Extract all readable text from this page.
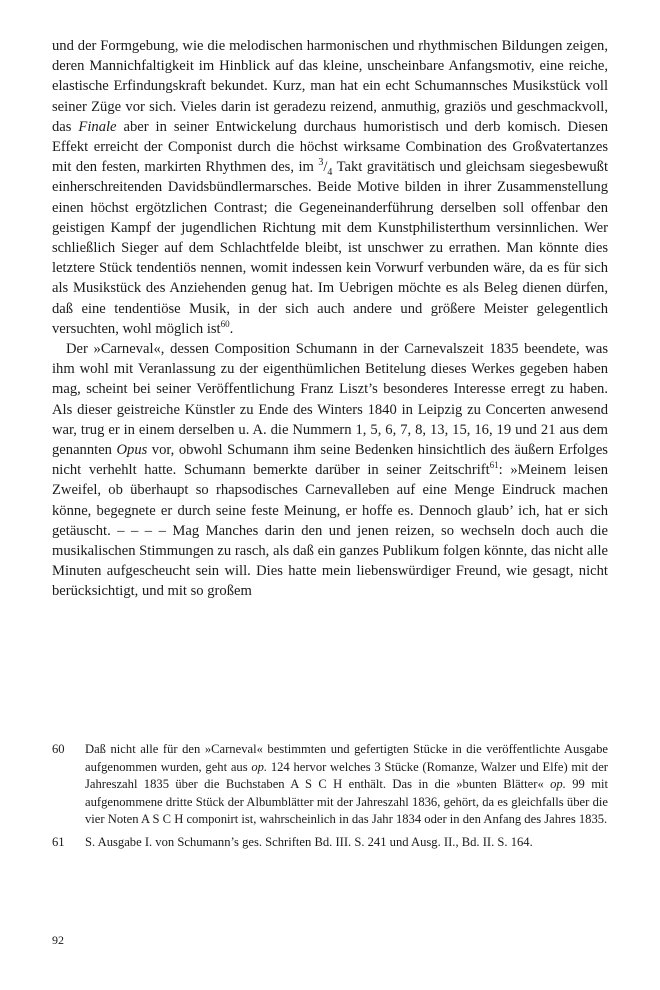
und der Formgebung, wie die melodischen harmonischen und rhythmischen Bildungen zeigen, deren Mannichfaltigkeit im Hinblick auf das kleine, unscheinbare Anfangsmotiv, eine reiche, elastische Erfindungskraft bekundet. Kurz, man hat ein echt Schumannsches Musikstück voll seiner Züge vor sich. Vieles darin ist geradezu reizend, anmuthig, graziös und geschmackvoll, das Finale aber in seiner Entwickelung durchaus humoristisch und derb komisch. Diesen Effekt erreicht der Componist durch die höchst wirksame Combination des Großvatertanzes mit den festen, markirten Rhythmen des, im $^3/_4$ Takt gravitätisch und gleichsam siegesbewußt einherschreitenden Davidsbündlermarsches. Beide Motive bilden in ihrer Zusammenstellung einen höchst ergötzlichen Contrast; die Gegeneinanderführung derselben soll offenbar den geistigen Kampf der jugendlichen Richtung mit dem Kunstphilisterthum versinnlichen. Wer schließlich Sieger auf dem Schlachtfelde bleibt, ist unschwer zu errathen. Man könnte dies letztere Stück tendentiös nennen, womit indessen kein Vorwurf verbunden wäre, da es für sich als Musikstück des Anziehenden genug hat. Im Uebrigen möchte es als Beleg dienen dürfen, daß eine tendentiöse Musik, in der sich auch andere und größere Meister gelegentlich versuchten, wohl möglich ist$^{60}$.

Der »Carneval«, dessen Composition Schumann in der Carnevalszeit 1835 beendete, was ihm wohl mit Veranlassung zu der eigenthümlichen Betitelung dieses Werkes gegeben haben mag, scheint bei seiner Veröffentlichung Franz Liszt’s besonderes Interesse erregt zu haben. Als dieser geistreiche Künstler zu Ende des Winters 1840 in Leipzig zu Concerten anwesend war, trug er in einem derselben u. A. die Nummern 1, 5, 6, 7, 8, 13, 15, 16, 19 und 21 aus dem genannten Opus vor, obwohl Schumann ihm seine Bedenken hinsichtlich des äußern Erfolges nicht verhehlt hatte. Schumann bemerkte darüber in seiner Zeitschrift$^{61}$: »Meinem leisen Zweifel, ob überhaupt so rhapsodisches Carnevalleben auf eine Menge Eindruck machen könne, begegnete er durch seine feste Meinung, er hoffe es. Dennoch glaub’ ich, hat er sich getäuscht. – – – – Mag Manches darin den und jenen reizen, so wechseln doch auch die musikalischen Stimmungen zu rasch, als daß ein ganzes Publikum folgen könnte, das nicht alle Minuten aufgescheucht sein will. Dies hatte mein liebenswürdiger Freund, wie gesagt, nicht berücksichtigt, und mit so großem

60	Daß nicht alle für den »Carneval« bestimmten und gefertigten Stücke in die veröffentlichte Ausgabe aufgenommen wurden, geht aus op. 124 hervor welches 3 Stücke (Romanze, Walzer und Elfe) mit der Jahreszahl 1835 über die Buchstaben A S C H enthält. Das in die »bunten Blätter« op. 99 mit aufgenommene dritte Stück der Albumblätter mit der Jahreszahl 1836, gehört, da es gleichfalls über die vier Noten A S C H componirt ist, wahrscheinlich in das Jahr 1834 oder in den Anfang des Jahres 1835.
61	S. Ausgabe I. von Schumann’s ges. Schriften Bd. III. S. 241 und Ausg. II., Bd. II. S. 164.
92
